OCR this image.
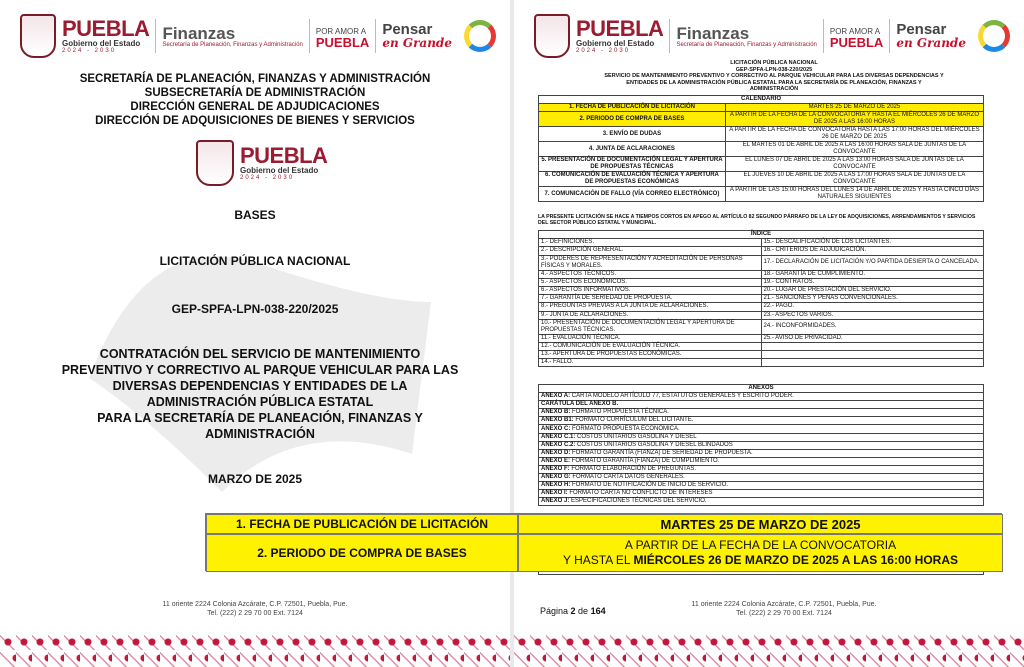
PUEBLA
Gobierno del Estado
2024 - 2030
Finanzas
Secretaría de Planeación, Finanzas y Administración
POR AMOR A
PUEBLA
Pensar
en Grande
SECRETARÍA DE PLANEACIÓN, FINANZAS Y ADMINISTRACIÓN
SUBSECRETARÍA DE ADMINISTRACIÓN
DIRECCIÓN GENERAL DE ADJUDICACIONES
DIRECCIÓN DE ADQUISICIONES DE BIENES Y SERVICIOS
PUEBLA
Gobierno del Estado
2024 - 2030
BASES
LICITACIÓN PÚBLICA NACIONAL
GEP-SPFA-LPN-038-220/2025
CONTRATACIÓN DEL SERVICIO DE MANTENIMIENTO PREVENTIVO Y CORRECTIVO AL PARQUE VEHICULAR PARA LAS DIVERSAS DEPENDENCIAS Y ENTIDADES DE LA ADMINISTRACIÓN PÚBLICA ESTATAL
PARA LA SECRETARÍA DE PLANEACIÓN, FINANZAS Y ADMINISTRACIÓN
MARZO DE 2025
11 oriente 2224 Colonia Azcárate, C.P. 72501, Puebla, Pue.
Tel. (222) 2 29 70 00 Ext. 7124
PUEBLA
Gobierno del Estado
2024 - 2030
Finanzas
Secretaría de Planeación, Finanzas y Administración
POR AMOR A
PUEBLA
Pensar
en Grande
LICITACIÓN PÚBLICA NACIONAL
GEP-SPFA-LPN-038-220/2025
SERVICIO DE MANTENIMIENTO PREVENTIVO Y CORRECTIVO AL PARQUE VEHICULAR PARA LAS DIVERSAS DEPENDENCIAS Y
ENTIDADES DE LA ADMINISTRACIÓN PÚBLICA ESTATAL PARA LA SECRETARÍA DE PLANEACIÓN, FINANZAS Y
ADMINISTRACIÓN
CALENDARIO	
1. FECHA DE PUBLICACIÓN DE LICITACIÓN	MARTES 25 DE MARZO DE 2025
2. PERIODO DE COMPRA DE BASES	A PARTIR DE LA FECHA DE LA CONVOCATORIA Y HASTA EL MIÉRCOLES 26 DE MARZO DE 2025 A LAS 16:00 HORAS
3. ENVÍO DE DUDAS	A PARTIR DE LA FECHA DE CONVOCATORIA HASTA LAS 17:00 HORAS DEL MIÉRCOLES 26 DE MARZO DE 2025
4. JUNTA DE ACLARACIONES	EL MARTES 01 DE ABRIL DE 2025 A LAS 16:00 HORAS SALA DE JUNTAS DE LA CONVOCANTE
5. PRESENTACIÓN DE DOCUMENTACIÓN LEGAL Y APERTURA DE PROPUESTAS TÉCNICAS	EL LUNES 07 DE ABRIL DE 2025 A LAS 13:00 HORAS SALA DE JUNTAS DE LA CONVOCANTE
6. COMUNICACIÓN DE EVALUACIÓN TÉCNICA Y APERTURA DE PROPUESTAS ECONÓMICAS	EL JUEVES 10 DE ABRIL DE 2025 A LAS 17:00 HORAS SALA DE JUNTAS DE LA CONVOCANTE
7. COMUNICACIÓN DE FALLO (VÍA CORREO ELECTRÓNICO)	A PARTIR DE LAS 15:00 HORAS DEL LUNES 14 DE ABRIL DE 2025 Y HASTA CINCO DÍAS NATURALES SIGUIENTES
LA PRESENTE LICITACIÓN SE HACE A TIEMPOS CORTOS EN APEGO AL ARTÍCULO 82 SEGUNDO PÁRRAFO DE LA LEY DE ADQUISICIONES, ARRENDAMIENTOS Y SERVICIOS DEL SECTOR PÚBLICO ESTATAL Y MUNICIPAL.
ÍNDICE	
1.- DEFINICIONES.	15.- DESCALIFICACIÓN DE LOS LICITANTES.
2.- DESCRIPCIÓN GENERAL.	16.- CRITERIOS DE ADJUDICACIÓN.
3.- PODERES DE REPRESENTACIÓN Y ACREDITACIÓN DE PERSONAS FÍSICAS Y MORALES.	17.- DECLARACIÓN DE LICITACIÓN Y/O PARTIDA DESIERTA O CANCELADA.
4.- ASPECTOS TÉCNICOS.	18.- GARANTÍA DE CUMPLIMIENTO.
5.- ASPECTOS ECONÓMICOS.	19.- CONTRATOS.
6.- ASPECTOS INFORMATIVOS.	20.- LUGAR DE PRESTACIÓN DEL SERVICIO.
7.- GARANTÍA DE SERIEDAD DE PROPUESTA.	21.- SANCIONES Y PENAS CONVENCIONALES.
8.- PREGUNTAS PREVIAS A LA JUNTA DE ACLARACIONES.	22.- PAGO.
9.- JUNTA DE ACLARACIONES.	23.- ASPECTOS VARIOS.
10.- PRESENTACIÓN DE DOCUMENTACIÓN LEGAL Y APERTURA DE PROPUESTAS TÉCNICAS.	24.- INCONFORMIDADES.
11.- EVALUACIÓN TÉCNICA.	25.- AVISO DE PRIVACIDAD.
12.- COMUNICACIÓN DE EVALUACIÓN TÉCNICA.	
13.- APERTURA DE PROPUESTAS ECONÓMICAS.	
14.- FALLO.	
ANEXOS
ANEXO A: CARTA MODELO ARTÍCULO 77, ESTATUTOS GENERALES Y ESCRITO PODER.
CARÁTULA DEL ANEXO B.
ANEXO B: FORMATO PROPUESTA TÉCNICA.
ANEXO B1: FORMATO CURRÍCULUM DEL LICITANTE.
ANEXO C: FORMATO PROPUESTA ECONÓMICA.
ANEXO C.1: COSTOS UNITARIOS GASOLINA Y DIESEL
ANEXO C.2: COSTOS UNITARIOS GASOLINA Y DIESEL BLINDADOS
ANEXO D: FORMATO GARANTÍA (FIANZA) DE SERIEDAD DE PROPUESTA.
ANEXO E: FORMATO GARANTÍA (FIANZA) DE CUMPLIMIENTO.
ANEXO F: FORMATO ELABORACIÓN DE PREGUNTAS.
ANEXO G: FORMATO CARTA DATOS GENERALES.
ANEXO H: FORMATO DE NOTIFICACIÓN DE INICIO DE SERVICIO.
ANEXO I: FORMATO CARTA NO CONFLICTO DE INTERESES
ANEXO J: ESPECIFICACIONES TÉCNICAS DEL SERVICIO.
Página 2 de 164
11 oriente 2224 Colonia Azcárate, C.P. 72501, Puebla, Pue.
Tel. (222) 2 29 70 00 Ext. 7124
1. FECHA DE PUBLICACIÓN DE LICITACIÓN	MARTES 25 DE MARZO DE 2025
2. PERIODO DE COMPRA DE BASES
A PARTIR DE LA FECHA DE LA CONVOCATORIA
Y HASTA EL MIÉRCOLES 26 DE MARZO DE 2025 A LAS 16:00 HORAS
